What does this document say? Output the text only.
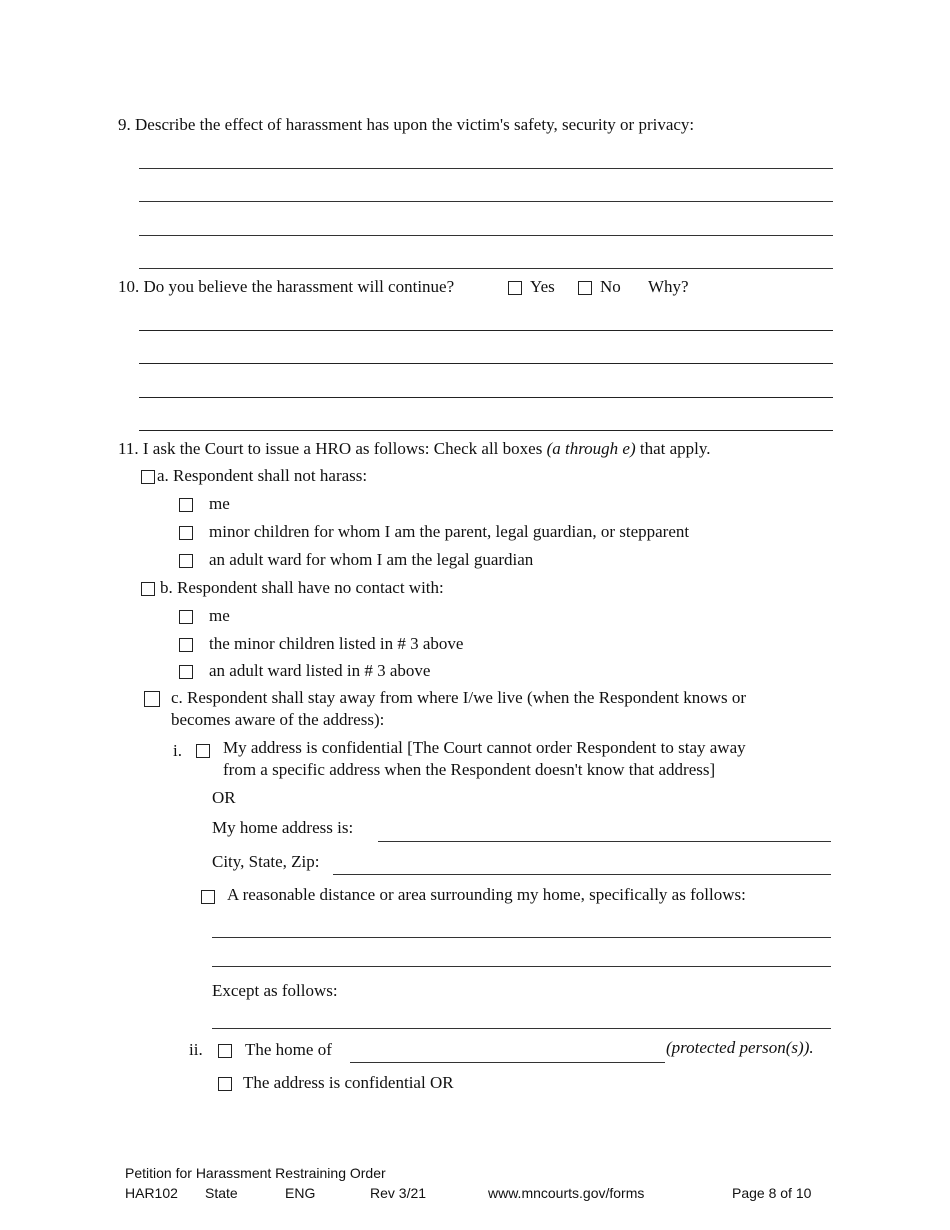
9. Describe the effect of harassment has upon the victim's safety, security or privacy:
10. Do you believe the harassment will continue?	Yes	No Why?
11. I ask the Court to issue a HRO as follows: Check all boxes (a through e) that apply.
a. Respondent shall not harass:
me
minor children for whom I am the parent, legal guardian, or stepparent
an adult ward for whom I am the legal guardian
b. Respondent shall have no contact with:
me
the minor children listed in # 3 above
an adult ward listed in # 3 above
c. Respondent shall stay away from where I/we live (when the Respondent knows or
becomes aware of the address):
i. My address is confidential [The Court cannot order Respondent to stay away
from a specific address when the Respondent doesn't know that address]
OR
My home address is:
City, State, Zip:
A reasonable distance or area surrounding my home, specifically as follows:
Except as follows:
ii. The home of	(protected person(s)).
The address is confidential OR
Petition for Harassment Restraining Order
HAR102 State	ENG	Rev 3/21	www.mncourts.gov/forms	Page 8 of 10
